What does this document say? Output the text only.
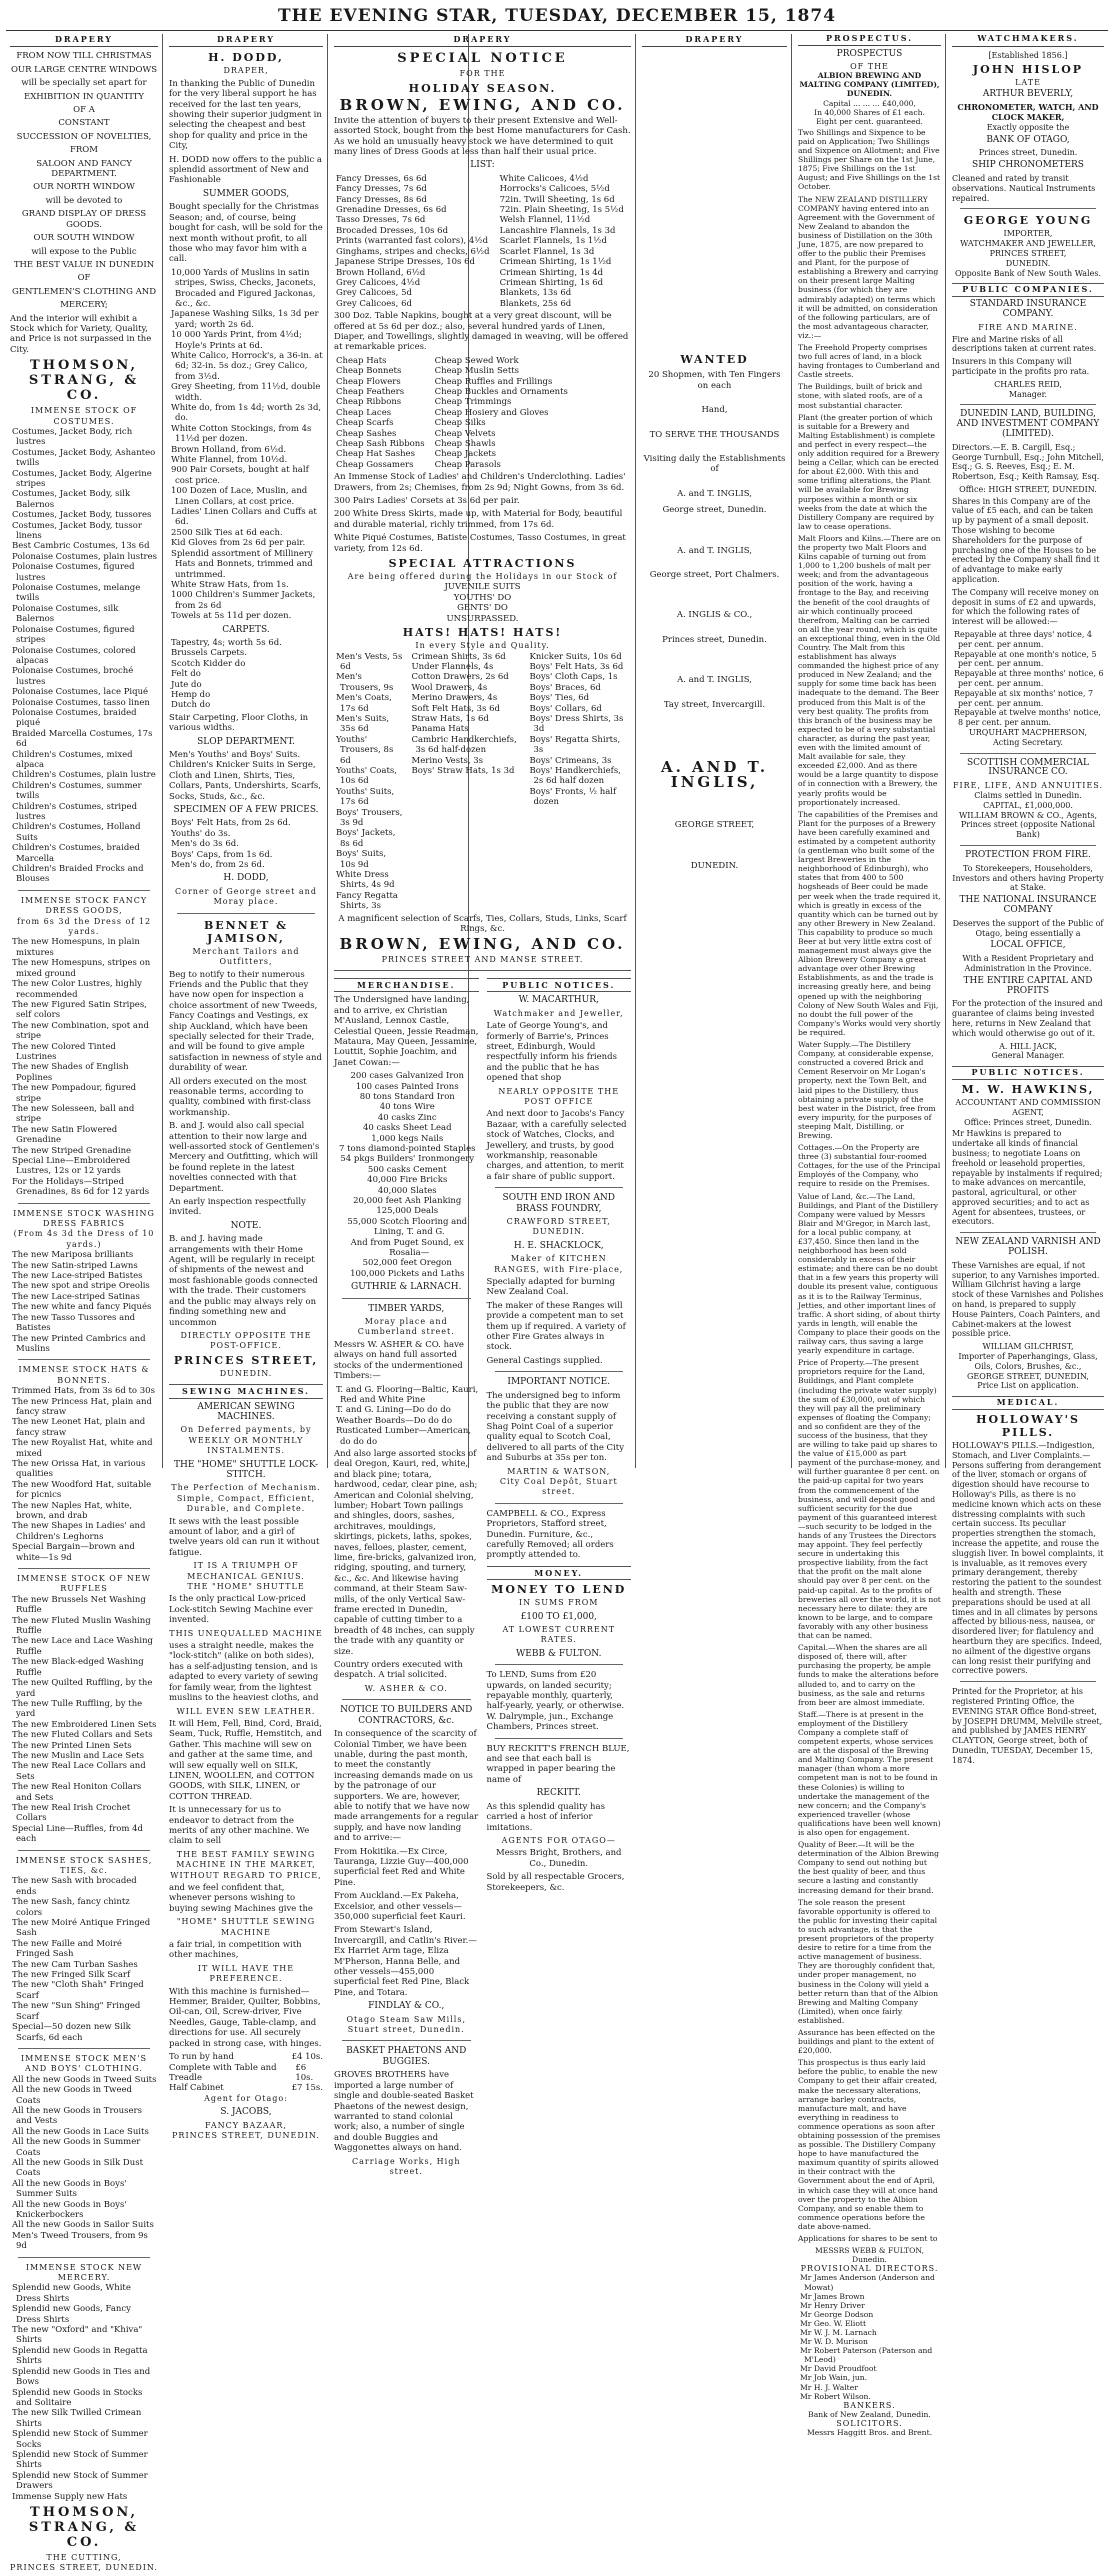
THE EVENING STAR, TUESDAY, DECEMBER 15, 1874
DRAPERY
FROM NOW TILL CHRISTMAS
OUR LARGE CENTRE WINDOWS
will be specially set apart for
EXHIBITION IN QUANTITY
OF A
CONSTANT
SUCCESSION OF NOVELTIES,
FROM
SALOON AND FANCY DEPARTMENT.
OUR NORTH WINDOW
will be devoted to
GRAND DISPLAY OF DRESS GOODS.
OUR SOUTH WINDOW
will expose to the Public
THE BEST VALUE IN DUNEDIN
OF
GENTLEMEN'S CLOTHING AND
MERCERY;

And the interior will exhibit a Stock which for Variety, Quality, and Price is not surpassed in the City.

THOMSON, STRANG, & CO.
IMMENSE STOCK OF COSTUMES.
Costumes, Jacket Body, rich lustres
Costumes, Jacket Body, Ashanteo twills
Costumes, Jacket Body, Algerine stripes
Costumes, Jacket Body, silk Balernos
Costumes, Jacket Body, tussores
Costumes, Jacket Body, tussor linens
Best Cambric Costumes, 13s 6d
Polonaise Costumes, plain lustres
Polonaise Costumes, figured lustres
Polonaise Costumes, melange twills
Polonaise Costumes, silk Balernos
Polonaise Costumes, figured stripes
Polonaise Costumes, colored alpacas
Polonaise Costumes, broché lustres
Polonaise Costumes, lace Piqué
Polonaise Costumes, tasso linen
Polonaise Costumes, braided piqué
Braided Marcella Costumes, 17s 6d
Children's Costumes, mixed alpaca
Children's Costumes, plain lustre
Children's Costumes, summer twills
Children's Costumes, striped lustres
Children's Costumes, Holland Suits
Children's Costumes, braided Marcella
Children's Braided Frocks and Blouses
IMMENSE STOCK FANCY DRESS GOODS,
from 6s 3d the Dress of 12 yards.
The new Homespuns, in plain mixtures
The new Homespuns, stripes on mixed ground
The new Color Lustres, highly recommended
The new Figured Satin Stripes, self colors
The new Combination, spot and stripe
The new Colored Tinted Lustrines
The new Shades of English Poplines
The new Pompadour, figured stripe
The new Solesseen, ball and stripe
The new Satin Flowered Grenadine
The new Striped Grenadine
Special Line—Embroidered Lustres, 12s or 12 yards
For the Holidays—Striped Grenadines, 8s 6d for 12 yards
IMMENSE STOCK WASHING DRESS FABRICS
(From 4s 3d the Dress of 10 yards.)
The new Mariposa brilliants
The new Satin-striped Lawns
The new Lace-striped Batistes
The new spot and stripe Oreolis
The new Lace-striped Satinas
The new white and fancy Piqués
The new Tasso Tussores and Batistes
The new Printed Cambrics and Muslins
IMMENSE STOCK HATS & BONNETS.
Trimmed Hats, from 3s 6d to 30s
The new Princess Hat, plain and fancy straw
The new Leonet Hat, plain and fancy straw
The new Royalist Hat, white and mixed
The new Orissa Hat, in various qualities
The new Woodford Hat, suitable for picnics
The new Naples Hat, white, brown, and drab
The new Shapes in Ladies' and Children's Leghorns
Special Bargain—brown and white—1s 9d
IMMENSE STOCK OF NEW RUFFLES
The new Brussels Net Washing Ruffle
The new Fluted Muslin Washing Ruffle
The new Lace and Lace Washing Ruffle
The new Black-edged Washing Ruffle
The new Quilted Ruffling, by the yard
The new Tulle Ruffling, by the yard
The new Embroidered Linen Sets
The new Fluted Collars and Sets
The new Printed Linen Sets
The new Muslin and Lace Sets
The new Real Lace Collars and Sets
The new Real Honiton Collars and Sets
The new Real Irish Crochet Collars
Special Line—Ruffles, from 4d each
IMMENSE STOCK SASHES, TIES, &c.
The new Sash with brocaded ends
The new Sash, fancy chintz colors
The new Moiré Antique Fringed Sash
The new Faille and Moiré Fringed Sash
The new Cam Turban Sashes
The new Fringed Silk Scarf
The new "Cloth Shah" Fringed Scarf
The new "Sun Shing" Fringed Scarf
Special—50 dozen new Silk Scarfs, 6d each
IMMENSE STOCK MEN'S AND BOYS' CLOTHING.
All the new Goods in Tweed Suits
All the new Goods in Tweed Coats
All the new Goods in Trousers and Vests
All the new Goods in Lace Suits
All the new Goods in Summer Coats
All the new Goods in Silk Dust Coats
All the new Goods in Boys' Summer Suits
All the new Goods in Boys' Knickerbockers
All the new Goods in Sailor Suits
Men's Tweed Trousers, from 9s 9d
IMMENSE STOCK NEW MERCERY.
Splendid new Goods, White Dress Shirts
Splendid new Goods, Fancy Dress Shirts
The new "Oxford" and "Khiva" Shirts
Splendid new Goods in Regatta Shirts
Splendid new Goods in Ties and Bows
Splendid new Goods in Stocks and Solitaire
The new Silk Twilled Crimean Shirts
Splendid new Stock of Summer Socks
Splendid new Stock of Summer Shirts
Splendid new Stock of Summer Drawers
Immense Supply new Hats
THOMSON, STRANG, & CO.
THE CUTTING,
PRINCES STREET, DUNEDIN.
DRAPERY
H. DODD,
DRAPER,

In thanking the Public of Dunedin for the very liberal support he has received for the last ten years, showing their superior judgment in selecting the cheapest and best shop for quality and price in the City,

H. DODD now offers to the public a splendid assortment of New and Fashionable

SUMMER GOODS,

Bought specially for the Christmas Season; and, of course, being bought for cash, will be sold for the next month without profit, to all those who may favor him with a call.

10,000 Yards of Muslins in satin stripes, Swiss, Checks, Jaconets, Brocaded and Figured Jackonas, &c., &c.
Japanese Washing Silks, 1s 3d per yard; worth 2s 6d.
10 000 Yards Print, from 4½d; Hoyle's Prints at 6d.
White Calico, Horrock's, a 36-in. at 6d; 32-in. 5s doz.; Grey Calico, from 3½d.
Grey Sheeting, from 11½d, double width.
White do, from 1s 4d; worth 2s 3d, do.
White Cotton Stockings, from 4s 11½d per dozen.
Brown Holland, from 6½d.
White Flannel, from 10½d.
900 Pair Corsets, bought at half cost price.
100 Dozen of Lace, Muslin, and Linen Collars, at cost price.
Ladies' Linen Collars and Cuffs at 6d.
2500 Silk Ties at 6d each.
Kid Gloves from 2s 6d per pair.
Splendid assortment of Millinery Hats and Bonnets, trimmed and untrimmed.
White Straw Hats, from 1s.
1000 Children's Summer Jackets, from 2s 6d
Towels at 5s 11d per dozen.
CARPETS.
Tapestry, 4s; worth 5s 6d.
Brussels Carpets.
Scotch Kidder do
Felt do
Jute do
Hemp do
Dutch do

Stair Carpeting, Floor Cloths, in various widths.

SLOP DEPARTMENT.

Men's Youths' and Boys' Suits. Children's Knicker Suits in Serge, Cloth and Linen, Shirts, Ties, Collars, Pants, Undershirts, Scarfs, Socks, Studs, &c., &c.

SPECIMEN OF A FEW PRICES.
Boys' Felt Hats, from 2s 6d.
Youths' do 3s.
Men's do 3s 6d.
Boys' Caps, from 1s 6d.
Men's do, from 2s 6d.
H. DODD,
Corner of George street and Moray place.
BENNET & JAMISON,
Merchant Tailors and Outfitters,

Beg to notify to their numerous Friends and the Public that they have now open for inspection a choice assortment of new Tweeds, Fancy Coatings and Vestings, ex ship Auckland, which have been specially selected for their Trade, and will be found to give ample satisfaction in newness of style and durability of wear.

All orders executed on the most reasonable terms, according to quality, combined with first-class workmanship.

B. and J. would also call special attention to their now large and well-assorted stock of Gentlemen's Mercery and Outfitting, which will be found replete in the latest novelties connected with that Department.

An early inspection respectfully invited.

NOTE.

B. and J. having made arrangements with their Home Agent, will be regularly in receipt of shipments of the newest and most fashionable goods connected with the trade. Their customers and the public may always rely on finding something new and uncommon

DIRECTLY OPPOSITE THE POST-OFFICE.
PRINCES STREET,
DUNEDIN.
SEWING MACHINES.
AMERICAN SEWING MACHINES.
On Deferred payments, by WEEKLY OR MONTHLY INSTALMENTS.
THE "HOME" SHUTTLE LOCK-STITCH.
The Perfection of Mechanism.
Simple, Compact, Efficient, Durable, and Complete.

It sews with the least possible amount of labor, and a girl of twelve years old can run it without fatigue.

IT IS A TRIUMPH OF MECHANICAL GENIUS.
THE "HOME" SHUTTLE

Is the only practical Low-priced Lock-stitch Sewing Machine ever invented.

THIS UNEQUALLED MACHINE

uses a straight needle, makes the "lock-stitch" (alike on both sides), has a self-adjusting tension, and is adapted to every variety of sewing for family wear, from the lightest muslins to the heaviest cloths, and

WILL EVEN SEW LEATHER.

It will Hem, Fell, Bind, Cord, Braid, Seam, Tuck, Ruffle, Hemstitch, and Gather. This machine will sew on and gather at the same time, and will sew equally well on SILK, LINEN, WOOLLEN, and COTTON GOODS, with SILK, LINEN, or COTTON THREAD.

It is unnecessary for us to endeavor to detract from the merits of any other machine. We claim to sell

THE BEST FAMILY SEWING MACHINE IN THE MARKET,
WITHOUT REGARD TO PRICE,

and we feel confident that, whenever persons wishing to buying sewing Machines give the

"HOME" SHUTTLE SEWING MACHINE

a fair trial, in competition with other machines,

IT WILL HAVE THE PREFERENCE.

With this machine is furnished—Hemmer, Braider, Quilter, Bobbins, Oil-can, Oil, Screw-driver, Five Needles, Gauge, Table-clamp, and directions for use. All securely packed in strong case, with hinges.

To run by hand	£4 10s.
Complete with Table and Treadle
£6 10s.
Half Cabinet	£7 15s.
Agent for Otago:
S. JACOBS,
FANCY BAZAAR,
PRINCES STREET, DUNEDIN.
DRAPERY
SPECIAL NOTICE
FOR THE
HOLIDAY SEASON.
BROWN, EWING, AND CO.

Invite the attention of buyers to their present Extensive and Well-assorted Stock, bought from the best Home manufacturers for Cash. As we hold an unusually heavy stock we have determined to quit many lines of Dress Goods at less than half their usual price.

LIST:
Fancy Dresses, 6s 6d
Fancy Dresses, 7s 6d
Fancy Dresses, 8s 6d
Grenadine Dresses, 6s 6d
Tasso Dresses, 7s 6d
Brocaded Dresses, 10s 6d
Prints (warranted fast colors), 4½d
Ginghams, stripes and checks, 6½d
Japanese Stripe Dresses, 10s 6d
Brown Holland, 6½d
Grey Calicoes, 4½d
Grey Calicoes, 5d
Grey Calicoes, 6d
White Calicoes, 4½d
Horrocks's Calicoes, 5½d
72in. Twill Sheeting, 1s 6d
72in. Plain Sheeting, 1s 5½d
Welsh Flannel, 11½d
Lancashire Flannels, 1s 3d
Scarlet Flannels, 1s 1½d
Scarlet Flannel, 1s 3d
Crimean Shirting, 1s 1½d
Crimean Shirting, 1s 4d
Crimean Shirting, 1s 6d
Blankets, 13s 6d
Blankets, 25s 6d

300 Doz. Table Napkins, bought at a very great discount, will be offered at 5s 6d per doz.; also, several hundred yards of Linen, Diaper, and Towellings, slightly damaged in weaving, will be offered at remarkable prices.

Cheap Hats
Cheap Bonnets
Cheap Flowers
Cheap Feathers
Cheap Ribbons
Cheap Laces
Cheap Scarfs
Cheap Sashes
Cheap Sash Ribbons
Cheap Hat Sashes
Cheap Gossamers
Cheap Sewed Work
Cheap Muslin Setts
Cheap Ruffles and Frillings
Cheap Buckles and Ornaments
Cheap Trimmings
Cheap Hosiery and Gloves
Cheap Silks
Cheap Velvets
Cheap Shawls
Cheap Jackets
Cheap Parasols

An Immense Stock of Ladies' and Children's Underclothing. Ladies' Drawers, from 2s; Chemises, from 2s 9d; Night Gowns, from 3s 6d.

300 Pairs Ladies' Corsets at 3s 6d per pair.

200 White Dress Skirts, made up, with Material for Body, beautiful and durable material, richly trimmed, from 17s 6d.

White Piqué Costumes, Batiste Costumes, Tasso Costumes, in great variety, from 12s 6d.

SPECIAL ATTRACTIONS
Are being offered during the Holidays in our Stock of
JUVENILE SUITS
YOUTHS' DO
GENTS' DO
UNSURPASSED.
HATS! HATS! HATS!
In every Style and Quality.
Men's Vests, 5s 6d
Men's Trousers, 9s
Men's Coats, 17s 6d
Men's Suits, 35s 6d
Youths' Trousers, 8s 6d
Youths' Coats, 10s 6d
Youths' Suits, 17s 6d
Boys' Trousers, 3s 9d
Boys' Jackets, 8s 6d
Boys' Suits, 10s 9d
White Dress Shirts, 4s 9d
Fancy Regatta Shirts, 3s
Crimean Shirts, 3s 6d
Under Flannels, 4s
Cotton Drawers, 2s 6d
Wool Drawers, 4s
Merino Drawers, 4s
Soft Felt Hats, 3s 6d
Straw Hats, 1s 6d
Panama Hats
Cambric Handkerchiefs, 3s 6d half-dozen
Merino Vests, 3s
Boys' Straw Hats, 1s 3d
Knicker Suits, 10s 6d
Boys' Felt Hats, 3s 6d
Boys' Cloth Caps, 1s
Boys' Braces, 6d
Boys' Ties, 6d
Boys' Collars, 6d
Boys' Dress Shirts, 3s 3d
Boys' Regatta Shirts, 3s
Boys' Crimeans, 3s
Boys' Handkerchiefs, 2s 6d half dozen
Boys' Fronts, ½ half dozen

A magnificent selection of Scarfs, Ties, Collars, Studs, Links, Scarf Rings, &c.

BROWN, EWING, AND CO.
PRINCES STREET AND MANSE STREET.
MERCHANDISE.

The Undersigned have landing, and to arrive, ex Christian M'Ausland, Lennox Castle, Celestial Queen, Jessie Readman, Mataura, May Queen, Jessamine, Louttit, Sophie Joachim, and Janet Cowan:—

200 cases Galvanized Iron
100 cases Painted Irons
80 tons Standard Iron
40 tons Wire
40 casks Zinc
40 casks Sheet Lead
1,000 kegs Nails
7 tons diamond-pointed Staples
54 pkgs Builders' Ironmongery
500 casks Cement
40,000 Fire Bricks
40,000 Slates
20,000 feet Ash Planking
125,000 Deals
55,000 Scotch Flooring and Lining, T. and G.
And from Puget Sound, ex Rosalia—
502,000 feet Oregon
100,000 Pickets and Laths
GUTHRIE & LARNACH.
TIMBER YARDS,
Moray place and Cumberland street.

Messrs W. ASHER & CO. have always on hand full assorted stocks of the undermentioned Timbers:—

T. and G. Flooring—Baltic, Kauri, Red and White Pine
T. and G. Lining—Do do do
Weather Boards—Do do do
Rusticated Lumber—American, do do do

And also large assorted stocks of deal Oregon, Kauri, red, white, and black pine; totara, hardwood, cedar, clear pine, ash; American and Colonial shelving, lumber; Hobart Town pailings and shingles, doors, sashes, architraves, mouldings, skirtings, pickets, laths, spokes, naves, felloes, plaster, cement, lime, fire-bricks, galvanized iron, ridging, spouting, and turnery, &c., &c. And likewise having command, at their Steam Saw-mills, of the only Vertical Saw-frame erected in Dunedin, capable of cutting timber to a breadth of 48 inches, can supply the trade with any quantity or size.

Country orders executed with despatch. A trial solicited.

W. ASHER & CO.
NOTICE TO BUILDERS AND CONTRACTORS, &c.

In consequence of the scarcity of Colonial Timber, we have been unable, during the past month, to meet the constantly increasing demands made on us by the patronage of our supporters. We are, however, able to notify that we have now made arrangements for a regular supply, and have now landing and to arrive:—

From Hokitika.—Ex Circe, Tauranga, Lizzie Guy—400,000 superficial feet Red and White Pine.

From Auckland.—Ex Pakeha, Excelsior, and other vessels—350,000 superficial feet Kauri.

From Stewart's Island, Invercargill, and Catlin's River.—Ex Harriet Arm tage, Eliza M'Pherson, Hanna Belle, and other vessels—455,000 superficial feet Red Pine, Black Pine, and Totara.

FINDLAY & CO.,
Otago Steam Saw Mills, Stuart street, Dunedin.
BASKET PHAETONS AND BUGGIES.

GROVES BROTHERS have imported a large number of single and double-seated Basket Phaetons of the newest design, warranted to stand colonial work; also, a number of single and double Buggies and Waggonettes always on hand.

Carriage Works, High street.
PUBLIC NOTICES.
W. MACARTHUR,
Watchmaker and Jeweller,

Late of George Young's, and formerly of Barrie's, Princes street, Edinburgh, Would respectfully inform his friends and the public that he has opened that shop

NEARLY OPPOSITE THE POST OFFICE

And next door to Jacobs's Fancy Bazaar, with a carefully selected stock of Watches, Clocks, and Jewellery, and trusts, by good workmanship, reasonable charges, and attention, to merit a fair share of public support.

SOUTH END IRON AND BRASS FOUNDRY,
CRAWFORD STREET,
DUNEDIN.
H. E. SHACKLOCK,
Maker of KITCHEN RANGES, with Fire-place,

Specially adapted for burning New Zealand Coal.

The maker of these Ranges will provide a competent man to set them up if required. A variety of other Fire Grates always in stock.

General Castings supplied.

IMPORTANT NOTICE.

The undersigned beg to inform the public that they are now receiving a constant supply of Shag Point Coal of a superior quality equal to Scotch Coal, delivered to all parts of the City and Suburbs at 35s per ton.

MARTIN & WATSON,
City Coal Depôt, Stuart street.

CAMPBELL & CO., Express Proprietors, Stafford street, Dunedin. Furniture, &c., carefully Removed; all orders promptly attended to.

MONEY.
MONEY TO LEND
IN SUMS FROM
£100 TO £1,000,
AT LOWEST CURRENT RATES.
WEBB & FULTON.

To LEND, Sums from £20 upwards, on landed security; repayable monthly, quarterly, half-yearly, yearly, or otherwise. W. Dalrymple, jun., Exchange Chambers, Princes street.

BUY RECKITT'S FRENCH BLUE, and see that each ball is wrapped in paper bearing the name of

RECKITT.

As this splendid quality has carried a host of inferior imitations.

AGENTS FOR OTAGO—

Messrs Bright, Brothers, and Co., Dunedin.

Sold by all respectable Grocers, Storekeepers, &c.

DRAPERY
WANTED
20 Shopmen, with Ten Fingers on each
Hand,
TO SERVE THE THOUSANDS
Visiting daily the Establishments of
A. and T. INGLIS,
George street, Dunedin.
A. and T. INGLIS,
George street, Port Chalmers.
A. INGLIS & CO.,
Princes street, Dunedin.
A. and T. INGLIS,
Tay street, Invercargill.
A. AND T. INGLIS,
GEORGE STREET,
DUNEDIN.
PROSPECTUS.
PROSPECTUS
OF THE
ALBION BREWING AND MALTING COMPANY (LIMITED), DUNEDIN.
Capital ... ... ... £40,000,
In 40,000 Shares of £1 each.
Eight per cent. guaranteed.

Two Shillings and Sixpence to be paid on Application; Two Shillings and Sixpence on Allotment; and Five Shillings per Share on the 1st June, 1875; Five Shillings on the 1st August; and Five Shillings on the 1st October.

The NEW ZEALAND DISTILLERY COMPANY having entered into an Agreement with the Government of New Zealand to abandon the business of Distillation on the 30th June, 1875, are now prepared to offer to the public their Premises and Plant, for the purpose of establishing a Brewery and carrying on their present large Malting business (for which they are admirably adapted) on terms which it will be admitted, on consideration of the following particulars, are of the most advantageous character, viz.:—

The Freehold Property comprises two full acres of land, in a block having frontages to Cumberland and Castle streets.

The Buildings, built of brick and stone, with slated roofs, are of a most substantial character.

Plant (the greater portion of which is suitable for a Brewery and Malting Establishment) is complete and perfect in every respect—the only addition required for a Brewery being a Cellar, which can be erected for about £2,000. With this and some trifling alterations, the Plant will be available for Brewing purposes within a month or six weeks from the date at which the Distillery Company are required by law to cease operations.

Malt Floors and Kilns.—There are on the property two Malt Floors and Kilns capable of turning out from 1,000 to 1,200 bushels of malt per week; and from the advantageous position of the work, having a frontage to the Bay, and receiving the benefit of the cool draughts of air which continually proceed therefrom, Malting can be carried on all the year round, which is quite an exceptional thing, even in the Old Country. The Malt from this establishment has always commanded the highest price of any produced in New Zealand; and the supply for some time back has been inadequate to the demand. The Beer produced from this Malt is of the very best quality. The profits from this branch of the business may be expected to be of a very substantial character, as during the past year, even with the limited amount of Malt available for sale, they exceeded £2,000. And as there would be a large quantity to dispose of in connection with a Brewery, the yearly profits would be proportionately increased.

The capabilities of the Premises and Plant for the purposes of a Brewery have been carefully examined and estimated by a competent authority (a gentleman who built some of the largest Breweries in the neighborhood of Edinburgh), who states that from 400 to 500 hogsheads of Beer could be made per week when the trade required it, which is greatly in excess of the quantity which can be turned out by any other Brewery in New Zealand. This capability to produce so much Beer at but very little extra cost of management must always give the Albion Brewery Company a great advantage over other Brewing Establishments, as and the trade is increasing greatly here, and being opened up with the neighboring Colony of New South Wales and Fiji, no doubt the full power of the Company's Works would very shortly be required.

Water Supply.—The Distillery Company, at considerable expense, constructed a covered Brick and Cement Reservoir on Mr Logan's property, next the Town Belt, and laid pipes to the Distillery, thus obtaining a private supply of the best water in the District, free from every impurity, for the purposes of steeping Malt, Distilling, or Brewing.

Cottages.—On the Property are three (3) substantial four-roomed Cottages, for the use of the Principal Employés of the Company, who require to reside on the Premises.

Value of Land, &c.—The Land, Buildings, and Plant of the Distillery Company were valued by Messrs Blair and M'Gregor, in March last, for a local public company, at £37,450. Since then land in the neighborhood has been sold considerably in excess of their estimate; and there can be no doubt that in a few years this property will double its present value, contiguous as it is to the Railway Terminus, Jetties, and other important lines of traffic. A short siding, of about thirty yards in length, will enable the Company to place their goods on the railway cars, thus saving a large yearly expenditure in cartage.

Price of Property.—The present proprietors require for the Land, Buildings, and Plant complete (including the private water supply) the sum of £30,000, out of which they will pay all the preliminary expenses of floating the Company; and so confident are they of the success of the business, that they are willing to take paid up shares to the value of £15,000 as part payment of the purchase-money, and will further guarantee 8 per cent. on the paid-up capital for two years from the commencement of the business, and will deposit good and sufficient security for the due payment of this guaranteed interest—such security to be lodged in the hands of any Trustees the Directors may appoint. They feel perfectly secure in undertaking this prospective liability, from the fact that the profit on the malt alone should pay over 8 per cent. on the paid-up capital. As to the profits of breweries all over the world, it is not necessary here to dilate: they are known to be large, and to compare favorably with any other business that can be named.

Capital.—When the shares are all disposed of, there will, after purchasing the property, be ample funds to make the alterations before alluded to, and to carry on the business, as the sale and returns from beer are almost immediate.

Staff.—There is at present in the employment of the Distillery Company a complete staff of competent experts, whose services are at the disposal of the Brewing and Malting Company. The present manager (than whom a more competent man is not to be found in these Colonies) is willing to undertake the management of the new concern; and the Company's experienced traveller (whose qualifications have been well known) is also open for engagement.

Quality of Beer.—It will be the determination of the Albion Brewing Company to send out nothing but the best quality of beer, and thus secure a lasting and constantly increasing demand for their brand.

The sole reason the present favorable opportunity is offered to the public for investing their capital to such advantage, is that the present proprietors of the property desire to retire for a time from the active management of business. They are thoroughly confident that, under proper management, no business in the Colony will yield a better return than that of the Albion Brewing and Malting Company (Limited), when once fairly established.

Assurance has been effected on the buildings and plant to the extent of £20,000.

This prospectus is thus early laid before the public, to enable the new Company to get their affair created, make the necessary alterations, arrange barley contracts, manufacture malt, and have everything in readiness to commence operations as soon after obtaining possession of the premises as possible. The Distillery Company hope to have manufactured the maximum quantity of spirits allowed in their contract with the Government about the end of April, in which case they will at once hand over the property to the Albion Company, and so enable them to commence operations before the date above-named.

Applications for shares to be sent to

MESSRS WEBB & FULTON, Dunedin.
PROVISIONAL DIRECTORS.
Mr James Anderson (Anderson and Mowat)
Mr James Brown
Mr Henry Driver
Mr George Dodson
Mr Geo. W. Eliott
Mr W. J. M. Larnach
Mr W. D. Murison
Mr Robert Paterson (Paterson and M'Leod)
Mr David Proudfoot
Mr Job Wain, jun.
Mr H. J. Walter
Mr Robert Wilson.
BANKERS.
Bank of New Zealand, Dunedin.
SOLICITORS.
Messrs Haggitt Bros. and Brent.
WATCHMAKERS.
[Established 1856.]
JOHN HISLOP
LATE
ARTHUR BEVERLY,
CHRONOMETER, WATCH, AND CLOCK MAKER,
Exactly opposite the
BANK OF OTAGO,
Princes street, Dunedin.
SHIP CHRONOMETERS

Cleaned and rated by transit observations. Nautical Instruments repaired.

GEORGE YOUNG
IMPORTER,
WATCHMAKER AND JEWELLER,
PRINCES STREET,
DUNEDIN.
Opposite Bank of New South Wales.
PUBLIC COMPANIES.
STANDARD INSURANCE COMPANY.
FIRE AND MARINE.

Fire and Marine risks of all descriptions taken at current rates.

Insurers in this Company will participate in the profits pro rata.

CHARLES REID,
Manager.
DUNEDIN LAND, BUILDING, AND INVESTMENT COMPANY (LIMITED).

Directors.—E. B. Cargill, Esq.; George Turnbull, Esq.; John Mitchell, Esq.; G. S. Reeves, Esq.; E. M. Robertson, Esq.; Keith Ramsay, Esq.

Office: HIGH STREET, DUNEDIN.

Shares in this Company are of the value of £5 each, and can be taken up by payment of a small deposit. Those wishing to become Shareholders for the purpose of purchasing one of the Houses to be erected by the Company shall find it of advantage to make early application.

The Company will receive money on deposit in sums of £2 and upwards, for which the following rates of interest will be allowed:—

Repayable at three days' notice, 4 per cent. per annum.
Repayable at one month's notice, 5 per cent. per annum.
Repayable at three months' notice, 6 per cent. per annum.
Repayable at six months' notice, 7 per cent. per annum.
Repayable at twelve months' notice, 8 per cent. per annum.
URQUHART MACPHERSON,
Acting Secretary.
SCOTTISH COMMERCIAL INSURANCE CO.
FIRE, LIFE, AND ANNUITIES.
Claims settled in Dunedin.
CAPITAL, £1,000,000.
WILLIAM BROWN & CO., Agents,
Princes street (opposite National Bank)
PROTECTION FROM FIRE.
To Storekeepers, Householders, Investors and others having Property at Stake.
THE NATIONAL INSURANCE COMPANY
Deserves the support of the Public of Otago, being essentially a
LOCAL OFFICE,
With a Resident Proprietary and Administration in the Province.
THE ENTIRE CAPITAL AND PROFITS

For the protection of the insured and guarantee of claims being invested here, returns in New Zealand that which would otherwise go out of it.

A. HILL JACK,
General Manager.
PUBLIC NOTICES.
M. W. HAWKINS,
ACCOUNTANT AND COMMISSION AGENT,
Office: Princes street, Dunedin.

Mr Hawkins is prepared to undertake all kinds of financial business; to negotiate Loans on freehold or leasehold properties, repayable by instalments if required; to make advances on mercantile, pastoral, agricultural, or other approved securities; and to act as Agent for absentees, trustees, or executors.

NEW ZEALAND VARNISH AND POLISH.

These Varnishes are equal, if not superior, to any Varnishes imported. William Gilchrist having a large stock of these Varnishes and Polishes on hand, is prepared to supply House Painters, Coach Painters, and Cabinet-makers at the lowest possible price.

WILLIAM GILCHRIST,
Importer of Paperhangings, Glass, Oils, Colors, Brushes, &c.,
GEORGE STREET, DUNEDIN,
Price List on application.
MEDICAL.
HOLLOWAY'S PILLS.

HOLLOWAY'S PILLS.—Indigestion, Stomach, and Liver Complaints.—Persons suffering from derangement of the liver, stomach or organs of digestion should have recourse to Holloway's Pills, as there is no medicine known which acts on these distressing complaints with such certain success. Its peculiar properties strengthen the stomach, increase the appetite, and rouse the sluggish liver. In bowel complaints, it is invaluable, as it removes every primary derangement, thereby restoring the patient to the soundest health and strength. These preparations should be used at all times and in all climates by persons affected by bilious-ness, nausea, or disordered liver; for flatulency and heartburn they are specifics. Indeed, no ailment of the digestive organs can long resist their purifying and corrective powers.

Printed for the Proprietor, at his registered Printing Office, the EVENING STAR Office Bond-street, by JOSEPH DRUMM, Melville street, and published by JAMES HENRY CLAYTON, George street, both of Dunedin, TUESDAY, December 15, 1874.
